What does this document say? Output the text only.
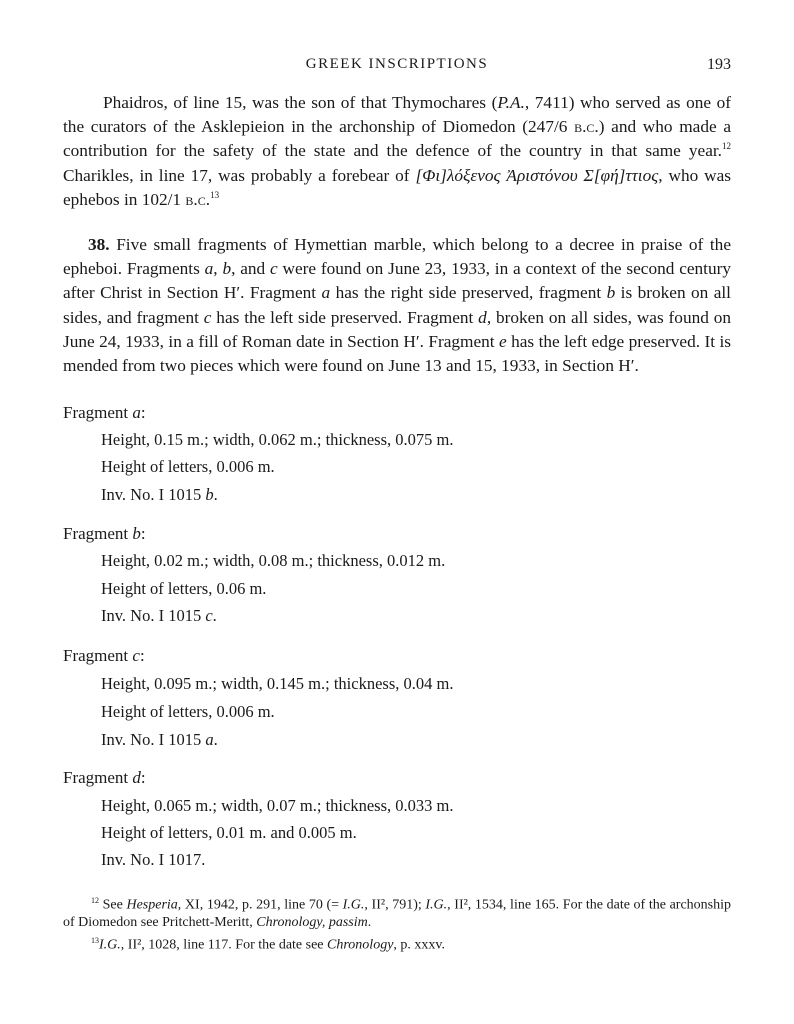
GREEK INSCRIPTIONS	193

Phaidros, of line 15, was the son of that Thymochares (P.A., 7411) who served as one of the curators of the Asklepieion in the archonship of Diomedon (247/6 b.c.) and who made a contribution for the safety of the state and the defence of the country in that same year.$^{12}$ Charikles, in line 17, was probably a forebear of [Φι]λόξενος Ἀριστόνου Σ[φή]ττιος, who was ephebos in 102/1 b.c.$^{13}$

38. Five small fragments of Hymettian marble, which belong to a decree in praise of the epheboi. Fragments a, b, and c were found on June 23, 1933, in a context of the second century after Christ in Section Η′. Fragment a has the right side preserved, fragment b is broken on all sides, and fragment c has the left side preserved. Fragment d, broken on all sides, was found on June 24, 1933, in a fill of Roman date in Section Η′. Fragment e has the left edge preserved. It is mended from two pieces which were found on June 13 and 15, 1933, in Section Η′.

Fragment a:
Height, 0.15 m.; width, 0.062 m.; thickness, 0.075 m.
Height of letters, 0.006 m.
Inv. No. I 1015 b.
Fragment b:
Height, 0.02 m.; width, 0.08 m.; thickness, 0.012 m.
Height of letters, 0.06 m.
Inv. No. I 1015 c.
Fragment c:
Height, 0.095 m.; width, 0.145 m.; thickness, 0.04 m.
Height of letters, 0.006 m.
Inv. No. I 1015 a.
Fragment d:
Height, 0.065 m.; width, 0.07 m.; thickness, 0.033 m.
Height of letters, 0.01 m. and 0.005 m.
Inv. No. I 1017.

$^{12}$ See Hesperia, XI, 1942, p. 291, line 70 (= I.G., II², 791); I.G., II², 1534, line 165. For the date of the archonship of Diomedon see Pritchett-Meritt, Chronology, passim.

$^{13}$I.G., II², 1028, line 117. For the date see Chronology, p. xxxv.
